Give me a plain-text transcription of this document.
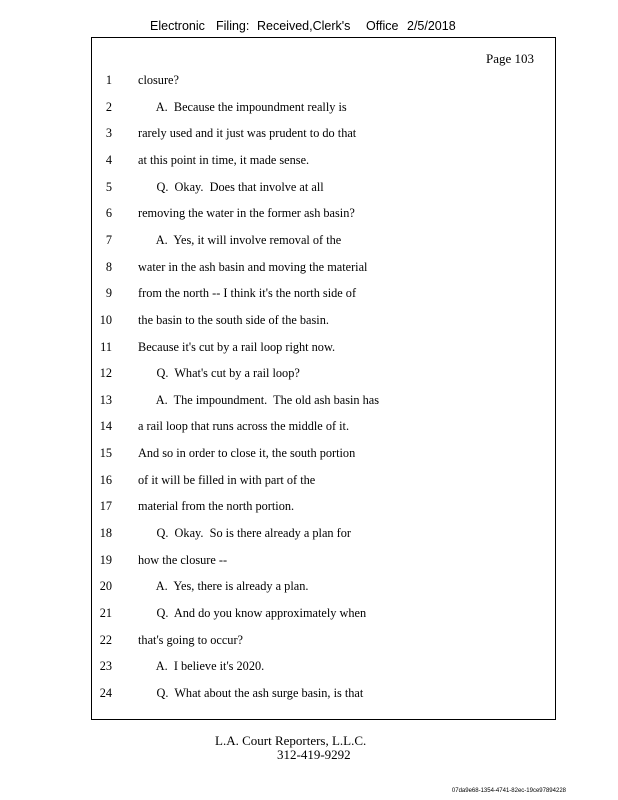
Electronic Filing: Received,Clerk's Office 2/5/2018
Page 103
1 closure?
2 A.  Because the impoundment really is
3 rarely used and it just was prudent to do that
4 at this point in time, it made sense.
5 Q.  Okay.  Does that involve at all
6 removing the water in the former ash basin?
7 A.  Yes, it will involve removal of the
8 water in the ash basin and moving the material
9 from the north -- I think it's the north side of
10 the basin to the south side of the basin.
11 Because it's cut by a rail loop right now.
12 Q.  What's cut by a rail loop?
13 A.  The impoundment.  The old ash basin has
14 a rail loop that runs across the middle of it.
15 And so in order to close it, the south portion
16 of it will be filled in with part of the
17 material from the north portion.
18 Q.  Okay.  So is there already a plan for
19 how the closure --
20 A.  Yes, there is already a plan.
21 Q.  And do you know approximately when
22 that's going to occur?
23 A.  I believe it's 2020.
24 Q.  What about the ash surge basin, is that
L.A. Court Reporters, L.L.C.
312-419-9292
07da9e68-1354-4741-82ec-19ce97894228
